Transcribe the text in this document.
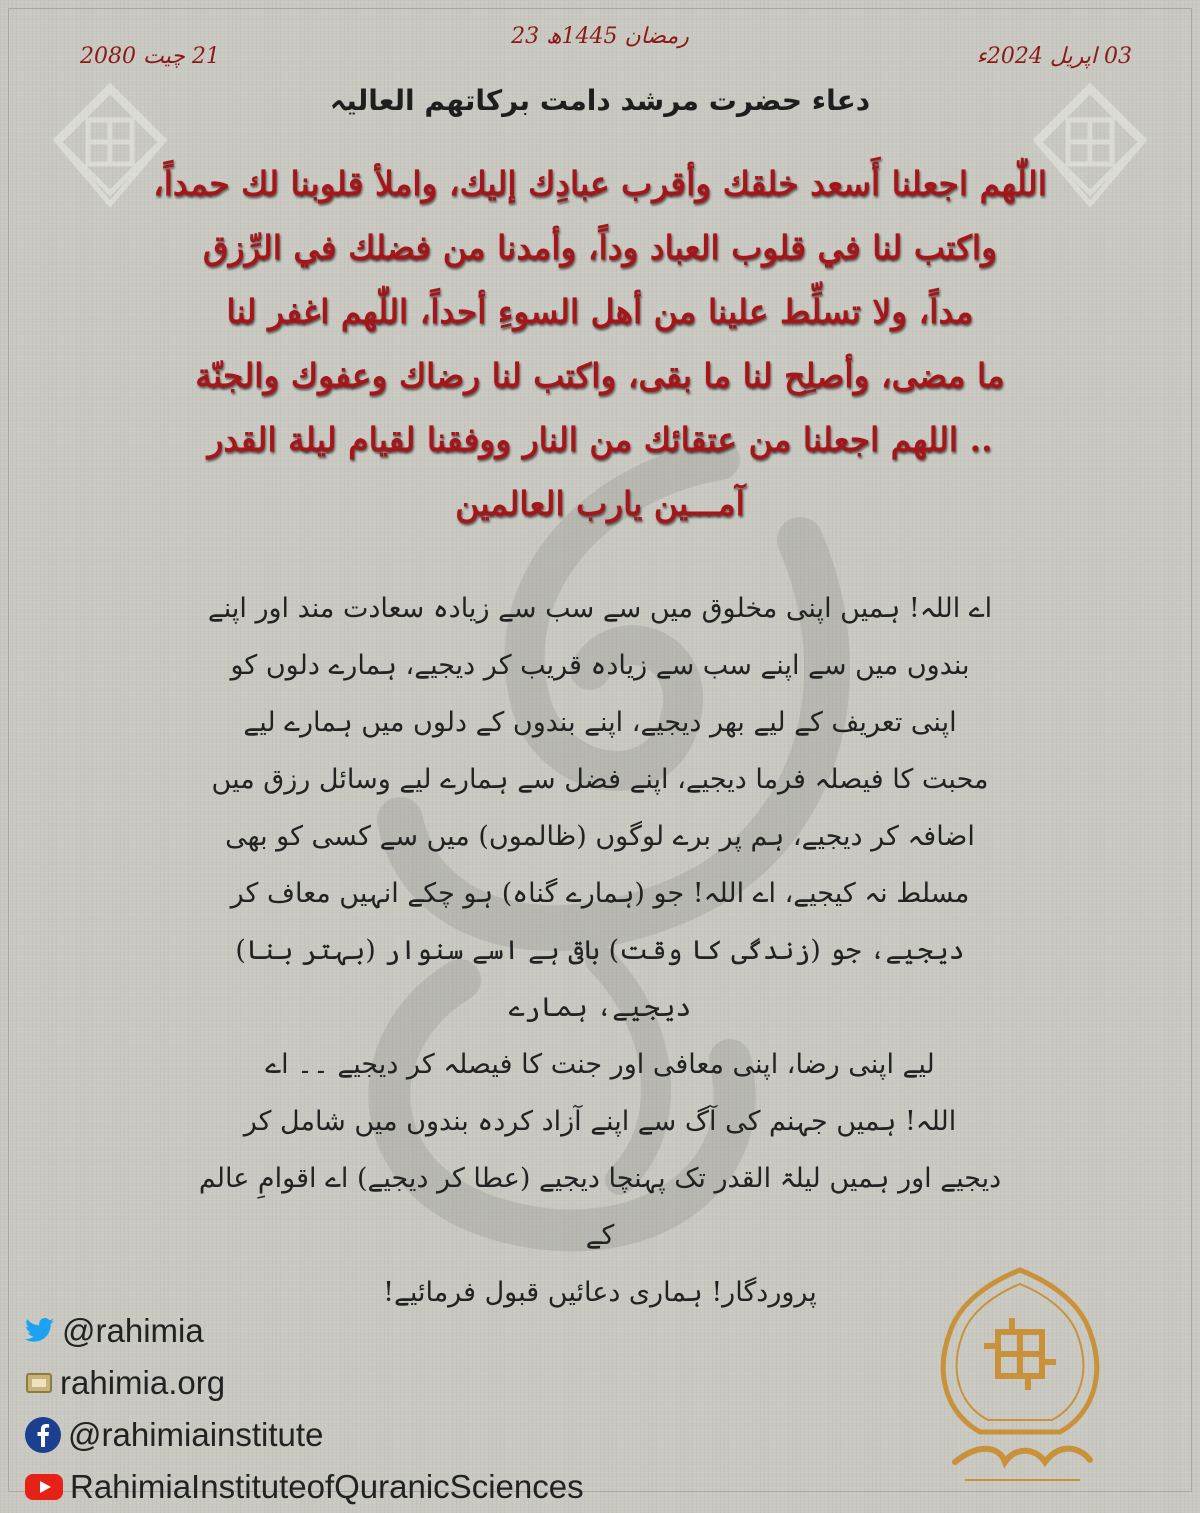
23 رمضان 1445ھ
21 چیت 2080	03 اپریل 2024ء
دعاء حضرت مرشد دامت برکاتھم العالیہ
اللّٰھم اجعلنا أَسعد خلقك وأقرب عبادِك إليك، واملأ قلوبنا لك حمداً،
واكتب لنا في قلوب العباد وداً، وأمدنا من فضلك في الرِّزق
مداً، ولا تسلِّط علينا من أهل السوءِ أحداً، اللّٰھم اغفر لنا
ما مضى، وأصلِح لنا ما بقى، واكتب لنا رضاك وعفوك والجنّة
.. اللھم اجعلنا من عتقائك من النار ووفقنا لقيام ليلة القدر
آمـــين يارب العالمين
اے اللہ! ہمیں اپنی مخلوق میں سے سب سے زیادہ سعادت مند اور اپنے
بندوں میں سے اپنے سب سے زیادہ قریب کر دیجیے، ہمارے دلوں کو
اپنی تعریف کے لیے بھر دیجیے، اپنے بندوں کے دلوں میں ہمارے لیے
محبت کا فیصلہ فرما دیجیے، اپنے فضل سے ہمارے لیے وسائل رزق میں
اضافہ کر دیجیے، ہم پر برے لوگوں (ظالموں) میں سے کسی کو بھی
مسلط نہ کیجیے، اے اللہ! جو (ہمارے گناہ) ہو چکے انہیں معاف کر
دیجیے، جو (زندگی کا وقت) باقی ہے اسے سنوار (بہتر بنا) دیجیے، ہمارے
لیے اپنی رضا، اپنی معافی اور جنت کا فیصلہ کر دیجیے ۔۔ اے
اللہ! ہمیں جہنم کی آگ سے اپنے آزاد کردہ بندوں میں شامل کر
دیجیے اور ہمیں لیلۃ القدر تک پہنچا دیجیے (عطا کر دیجیے) اے اقوامِ عالم کے
پروردگار! ہماری دعائیں قبول فرمائیے!
@rahimia
rahimia.org
@rahimiainstitute
RahimiaInstituteofQuranicSciences
